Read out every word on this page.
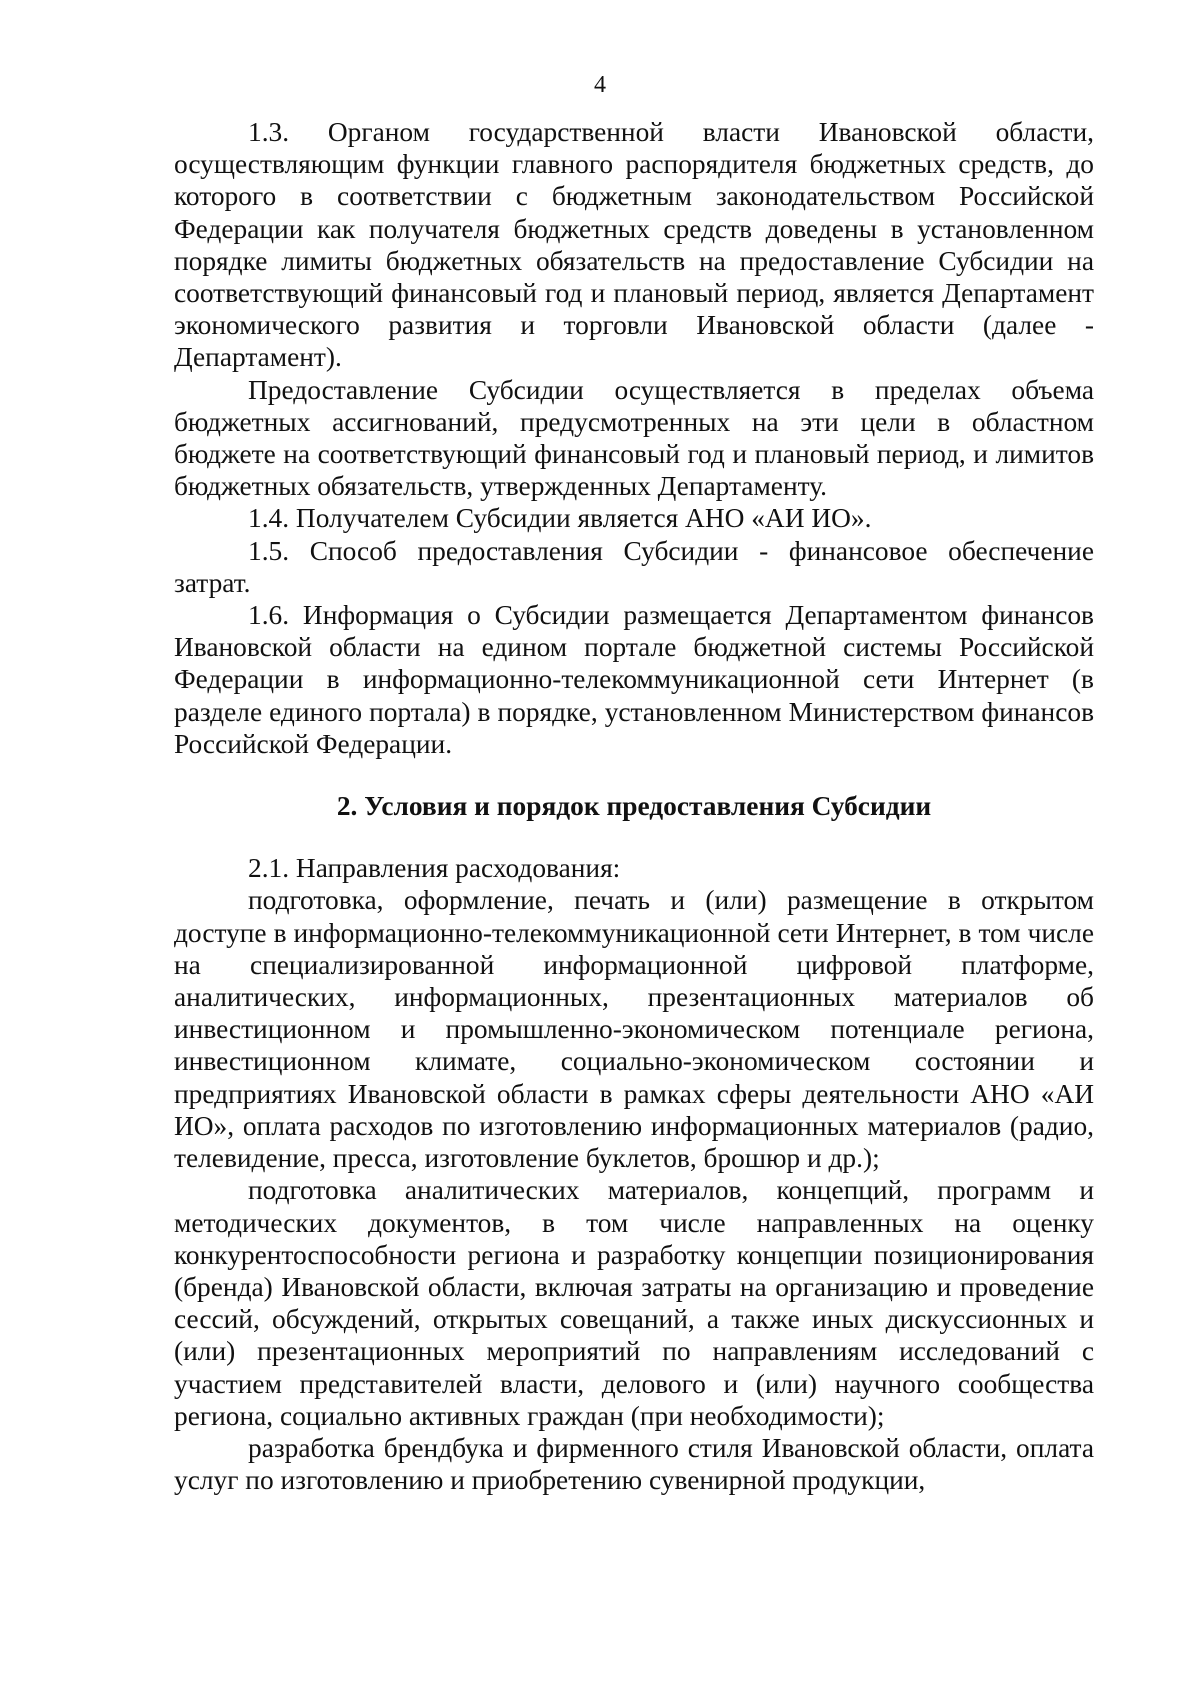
4

1.3. Органом государственной власти Ивановской области, осуществляющим функции главного распорядителя бюджетных средств, до которого в соответствии с бюджетным законодательством Российской Федерации как получателя бюджетных средств доведены в установленном порядке лимиты бюджетных обязательств на предоставление Субсидии на соответствующий финансовый год и плановый период, является Департамент экономического развития и торговли Ивановской области (далее - Департамент).

Предоставление Субсидии осуществляется в пределах объема бюджетных ассигнований, предусмотренных на эти цели в областном бюджете на соответствующий финансовый год и плановый период, и лимитов бюджетных обязательств, утвержденных Департаменту.

1.4. Получателем Субсидии является АНО «АИ ИО».

1.5. Способ предоставления Субсидии - финансовое обеспечение затрат.

1.6. Информация о Субсидии размещается Департаментом финансов Ивановской области на едином портале бюджетной системы Российской Федерации в информационно-телекоммуникационной сети Интернет (в разделе единого портала) в порядке, установленном Министерством финансов Российской Федерации.

2. Условия и порядок предоставления Субсидии

2.1. Направления расходования:

подготовка, оформление, печать и (или) размещение в открытом доступе в информационно-телекоммуникационной сети Интернет, в том числе на специализированной информационной цифровой платформе, аналитических, информационных, презентационных материалов об инвестиционном и промышленно-экономическом потенциале региона, инвестиционном климате, социально-экономическом состоянии и предприятиях Ивановской области в рамках сферы деятельности АНО «АИ ИО», оплата расходов по изготовлению информационных материалов (радио, телевидение, пресса, изготовление буклетов, брошюр и др.);

подготовка аналитических материалов, концепций, программ и методических документов, в том числе направленных на оценку конкурентоспособности региона и разработку концепции позиционирования (бренда) Ивановской области, включая затраты на организацию и проведение сессий, обсуждений, открытых совещаний, а также иных дискуссионных и (или) презентационных мероприятий по направлениям исследований с участием представителей власти, делового и (или) научного сообщества региона, социально активных граждан (при необходимости);

разработка брендбука и фирменного стиля Ивановской области, оплата услуг по изготовлению и приобретению сувенирной продукции,
